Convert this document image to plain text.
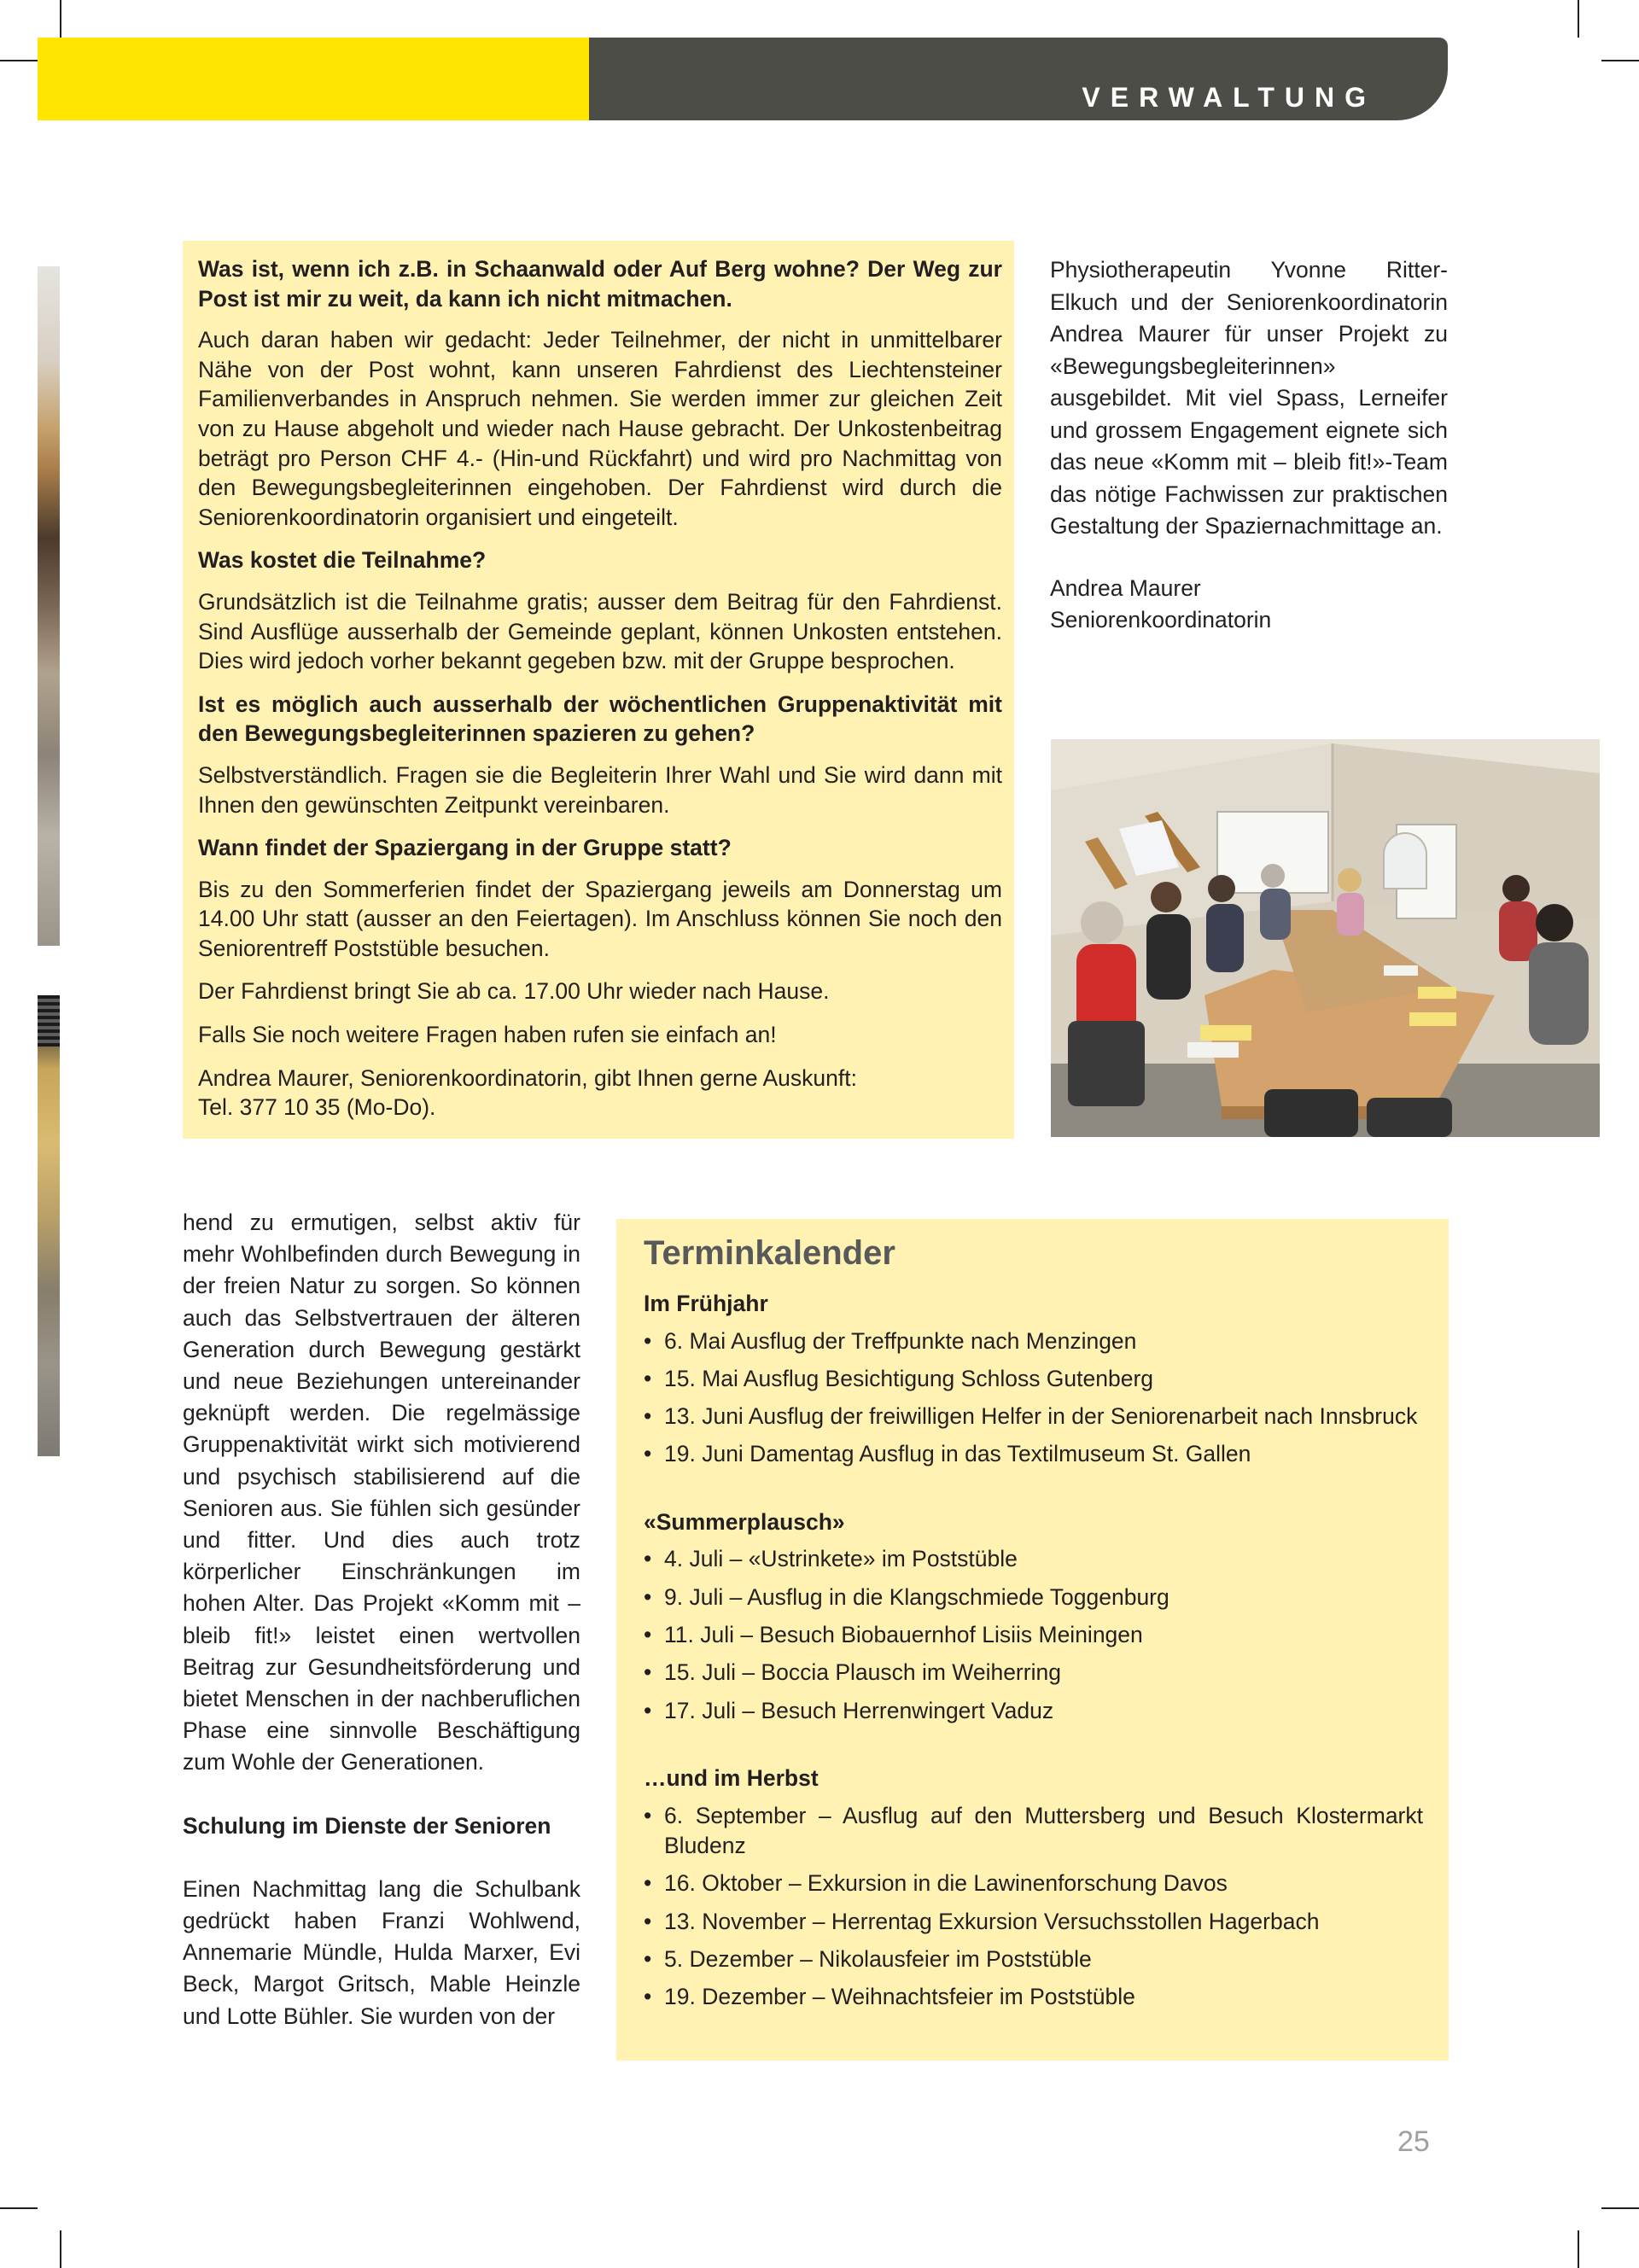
VERWALTUNG

Was ist, wenn ich z.B. in Schaanwald oder Auf Berg wohne? Der Weg zur Post ist mir zu weit, da kann ich nicht mitmachen.

Auch daran haben wir gedacht: Jeder Teilnehmer, der nicht in unmittelbarer Nähe von der Post wohnt, kann unseren Fahrdienst des Liechtensteiner Familienverbandes in Anspruch nehmen. Sie werden immer zur gleichen Zeit von zu Hause abgeholt und wieder nach Hause gebracht. Der Unkostenbeitrag beträgt pro Person CHF 4.- (Hin-und Rückfahrt) und wird pro Nachmittag von den Bewegungsbegleiterinnen eingehoben. Der Fahrdienst wird durch die Seniorenkoordinatorin organisiert und eingeteilt.

Was kostet die Teilnahme?

Grundsätzlich ist die Teilnahme gratis; ausser dem Beitrag für den Fahrdienst. Sind Ausflüge ausserhalb der Gemeinde geplant, können Unkosten entstehen. Dies wird jedoch vorher bekannt gegeben bzw. mit der Gruppe besprochen.

Ist es möglich auch ausserhalb der wöchentlichen Gruppenaktivität mit den Bewegungsbegleiterinnen spazieren zu gehen?

Selbstverständlich. Fragen sie die Begleiterin Ihrer Wahl und Sie wird dann mit Ihnen den gewünschten Zeitpunkt vereinbaren.

Wann findet der Spaziergang in der Gruppe statt?

Bis zu den Sommerferien findet der Spaziergang jeweils am Donnerstag um 14.00 Uhr statt (ausser an den Feiertagen). Im Anschluss können Sie noch den Seniorentreff Poststüble besuchen.

Der Fahrdienst bringt Sie ab ca. 17.00 Uhr wieder nach Hause.

Falls Sie noch weitere Fragen haben rufen sie einfach an!

Andrea Maurer, Seniorenkoordinatorin, gibt Ihnen gerne Auskunft:
Tel. 377 10 35 (Mo-Do).

Physiotherapeutin Yvonne Ritter-Elkuch und der Seniorenkoordinatorin Andrea Maurer für unser Projekt zu «Bewegungsbegleiterinnen» ausgebildet. Mit viel Spass, Lerneifer und grossem Engagement eignete sich das neue «Komm mit – bleib fit!»-Team das nötige Fachwissen zur praktischen Gestaltung der Spaziernachmittage an.

Andrea Maurer
Seniorenkoordinatorin

hend zu ermutigen, selbst aktiv für mehr Wohlbefinden durch Bewegung in der freien Natur zu sorgen. So können auch das Selbstvertrauen der älteren Generation durch Bewegung gestärkt und neue Beziehungen untereinander geknüpft werden. Die regelmässige Gruppenaktivität wirkt sich motivierend und psychisch stabilisierend auf die Senioren aus. Sie fühlen sich gesünder und fitter. Und dies auch trotz körperlicher Einschränkungen im hohen Alter. Das Projekt «Komm mit – bleib fit!» leistet einen wertvollen Beitrag zur Gesundheitsförderung und bietet Menschen in der nachberuflichen Phase eine sinnvolle Beschäftigung zum Wohle der Generationen.

Schulung im Dienste der Senioren

Einen Nachmittag lang die Schulbank gedrückt haben Franzi Wohlwend, Annemarie Mündle, Hulda Marxer, Evi Beck, Margot Gritsch, Mable Heinzle und Lotte Bühler. Sie wurden von der

Terminkalender
Im Frühjahr
• 6. Mai Ausflug der Treffpunkte nach Menzingen
• 15. Mai Ausflug Besichtigung Schloss Gutenberg
• 13. Juni Ausflug der freiwilligen Helfer in der Seniorenarbeit nach Innsbruck
• 19. Juni Damentag Ausflug in das Textilmuseum St. Gallen
«Summerplausch»
• 4. Juli – «Ustrinkete» im Poststüble
• 9. Juli – Ausflug in die Klangschmiede Toggenburg
• 11. Juli – Besuch Biobauernhof Lisiis Meiningen
• 15. Juli – Boccia Plausch im Weiherring
• 17. Juli – Besuch Herrenwingert Vaduz
…und im Herbst
• 6. September – Ausflug auf den Muttersberg und Besuch Klostermarkt Bludenz
• 16. Oktober – Exkursion in die Lawinenforschung Davos
• 13. November – Herrentag Exkursion Versuchsstollen Hagerbach
• 5. Dezember – Nikolausfeier im Poststüble
• 19. Dezember – Weihnachtsfeier im Poststüble
25
